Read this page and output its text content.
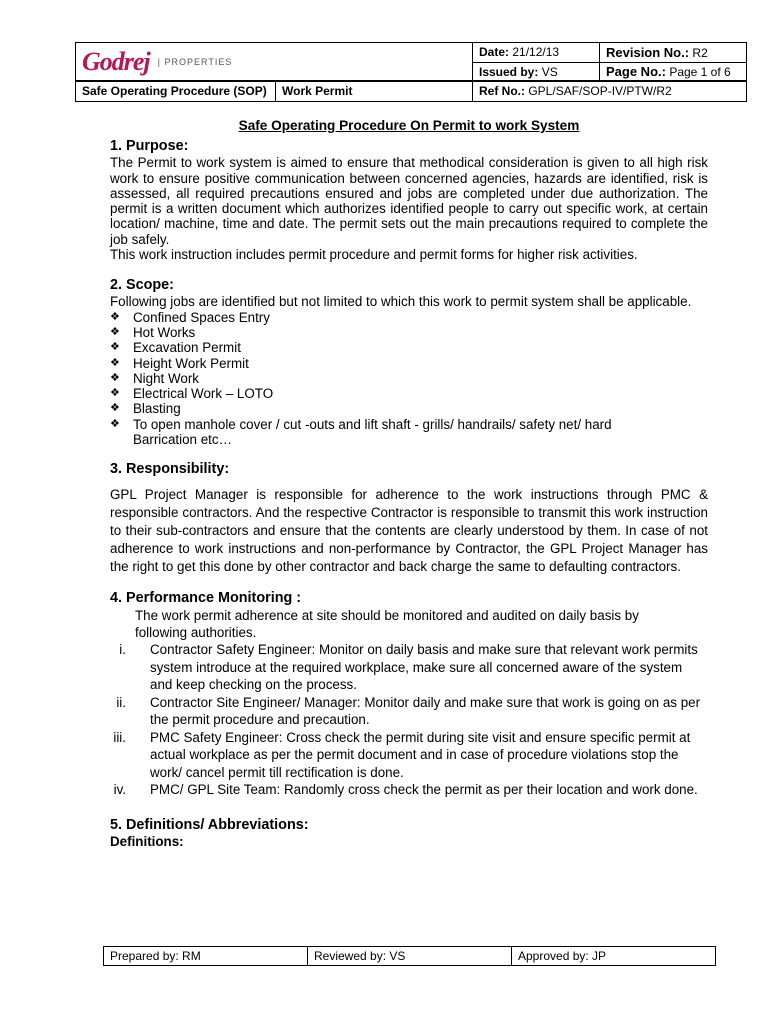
Godrej | PROPERTIES	Date: 21/12/13	Revision No.: R2
	Issued by: VS	Page No.: Page 1 of 6
Safe Operating Procedure (SOP)	Work Permit	Ref No.: GPL/SAF/SOP-IV/PTW/R2
Safe Operating Procedure On Permit to work System
1. Purpose:

The Permit to work system is aimed to ensure that methodical consideration is given to all high risk work to ensure positive communication between concerned agencies, hazards are identified, risk is assessed, all required precautions ensured and jobs are completed under due authorization. The permit is a written document which authorizes identified people to carry out specific work, at certain location/ machine, time and date. The permit sets out the main precautions required to complete the job safely.

This work instruction includes permit procedure and permit forms for higher risk activities.

2. Scope:

Following jobs are identified but not limited to which this work to permit system shall be applicable.

❖ Confined Spaces Entry
❖ Hot Works
❖ Excavation Permit
❖ Height Work Permit
❖ Night Work
❖ Electrical Work – LOTO
❖ Blasting
❖ To open manhole cover / cut -outs and lift shaft - grills/ handrails/ safety net/ hard Barrication etc…
3. Responsibility:

GPL Project Manager is responsible for adherence to the work instructions through PMC & responsible contractors. And the respective Contractor is responsible to transmit this work instruction to their sub-contractors and ensure that the contents are clearly understood by them. In case of not adherence to work instructions and non-performance by Contractor, the GPL Project Manager has the right to get this done by other contractor and back charge the same to defaulting contractors.

4. Performance Monitoring :

The work permit adherence at site should be monitored and audited on daily basis by following authorities.

i. Contractor Safety Engineer: Monitor on daily basis and make sure that relevant work permits system introduce at the required workplace, make sure all concerned aware of the system and keep checking on the process.
ii. Contractor Site Engineer/ Manager: Monitor daily and make sure that work is going on as per the permit procedure and precaution.
iii. PMC Safety Engineer: Cross check the permit during site visit and ensure specific permit at actual workplace as per the permit document and in case of procedure violations stop the work/ cancel permit till rectification is done.
iv. PMC/ GPL Site Team: Randomly cross check the permit as per their location and work done.
5. Definitions/ Abbreviations:

Definitions:

Prepared by: RM	Reviewed by: VS	Approved by: JP
